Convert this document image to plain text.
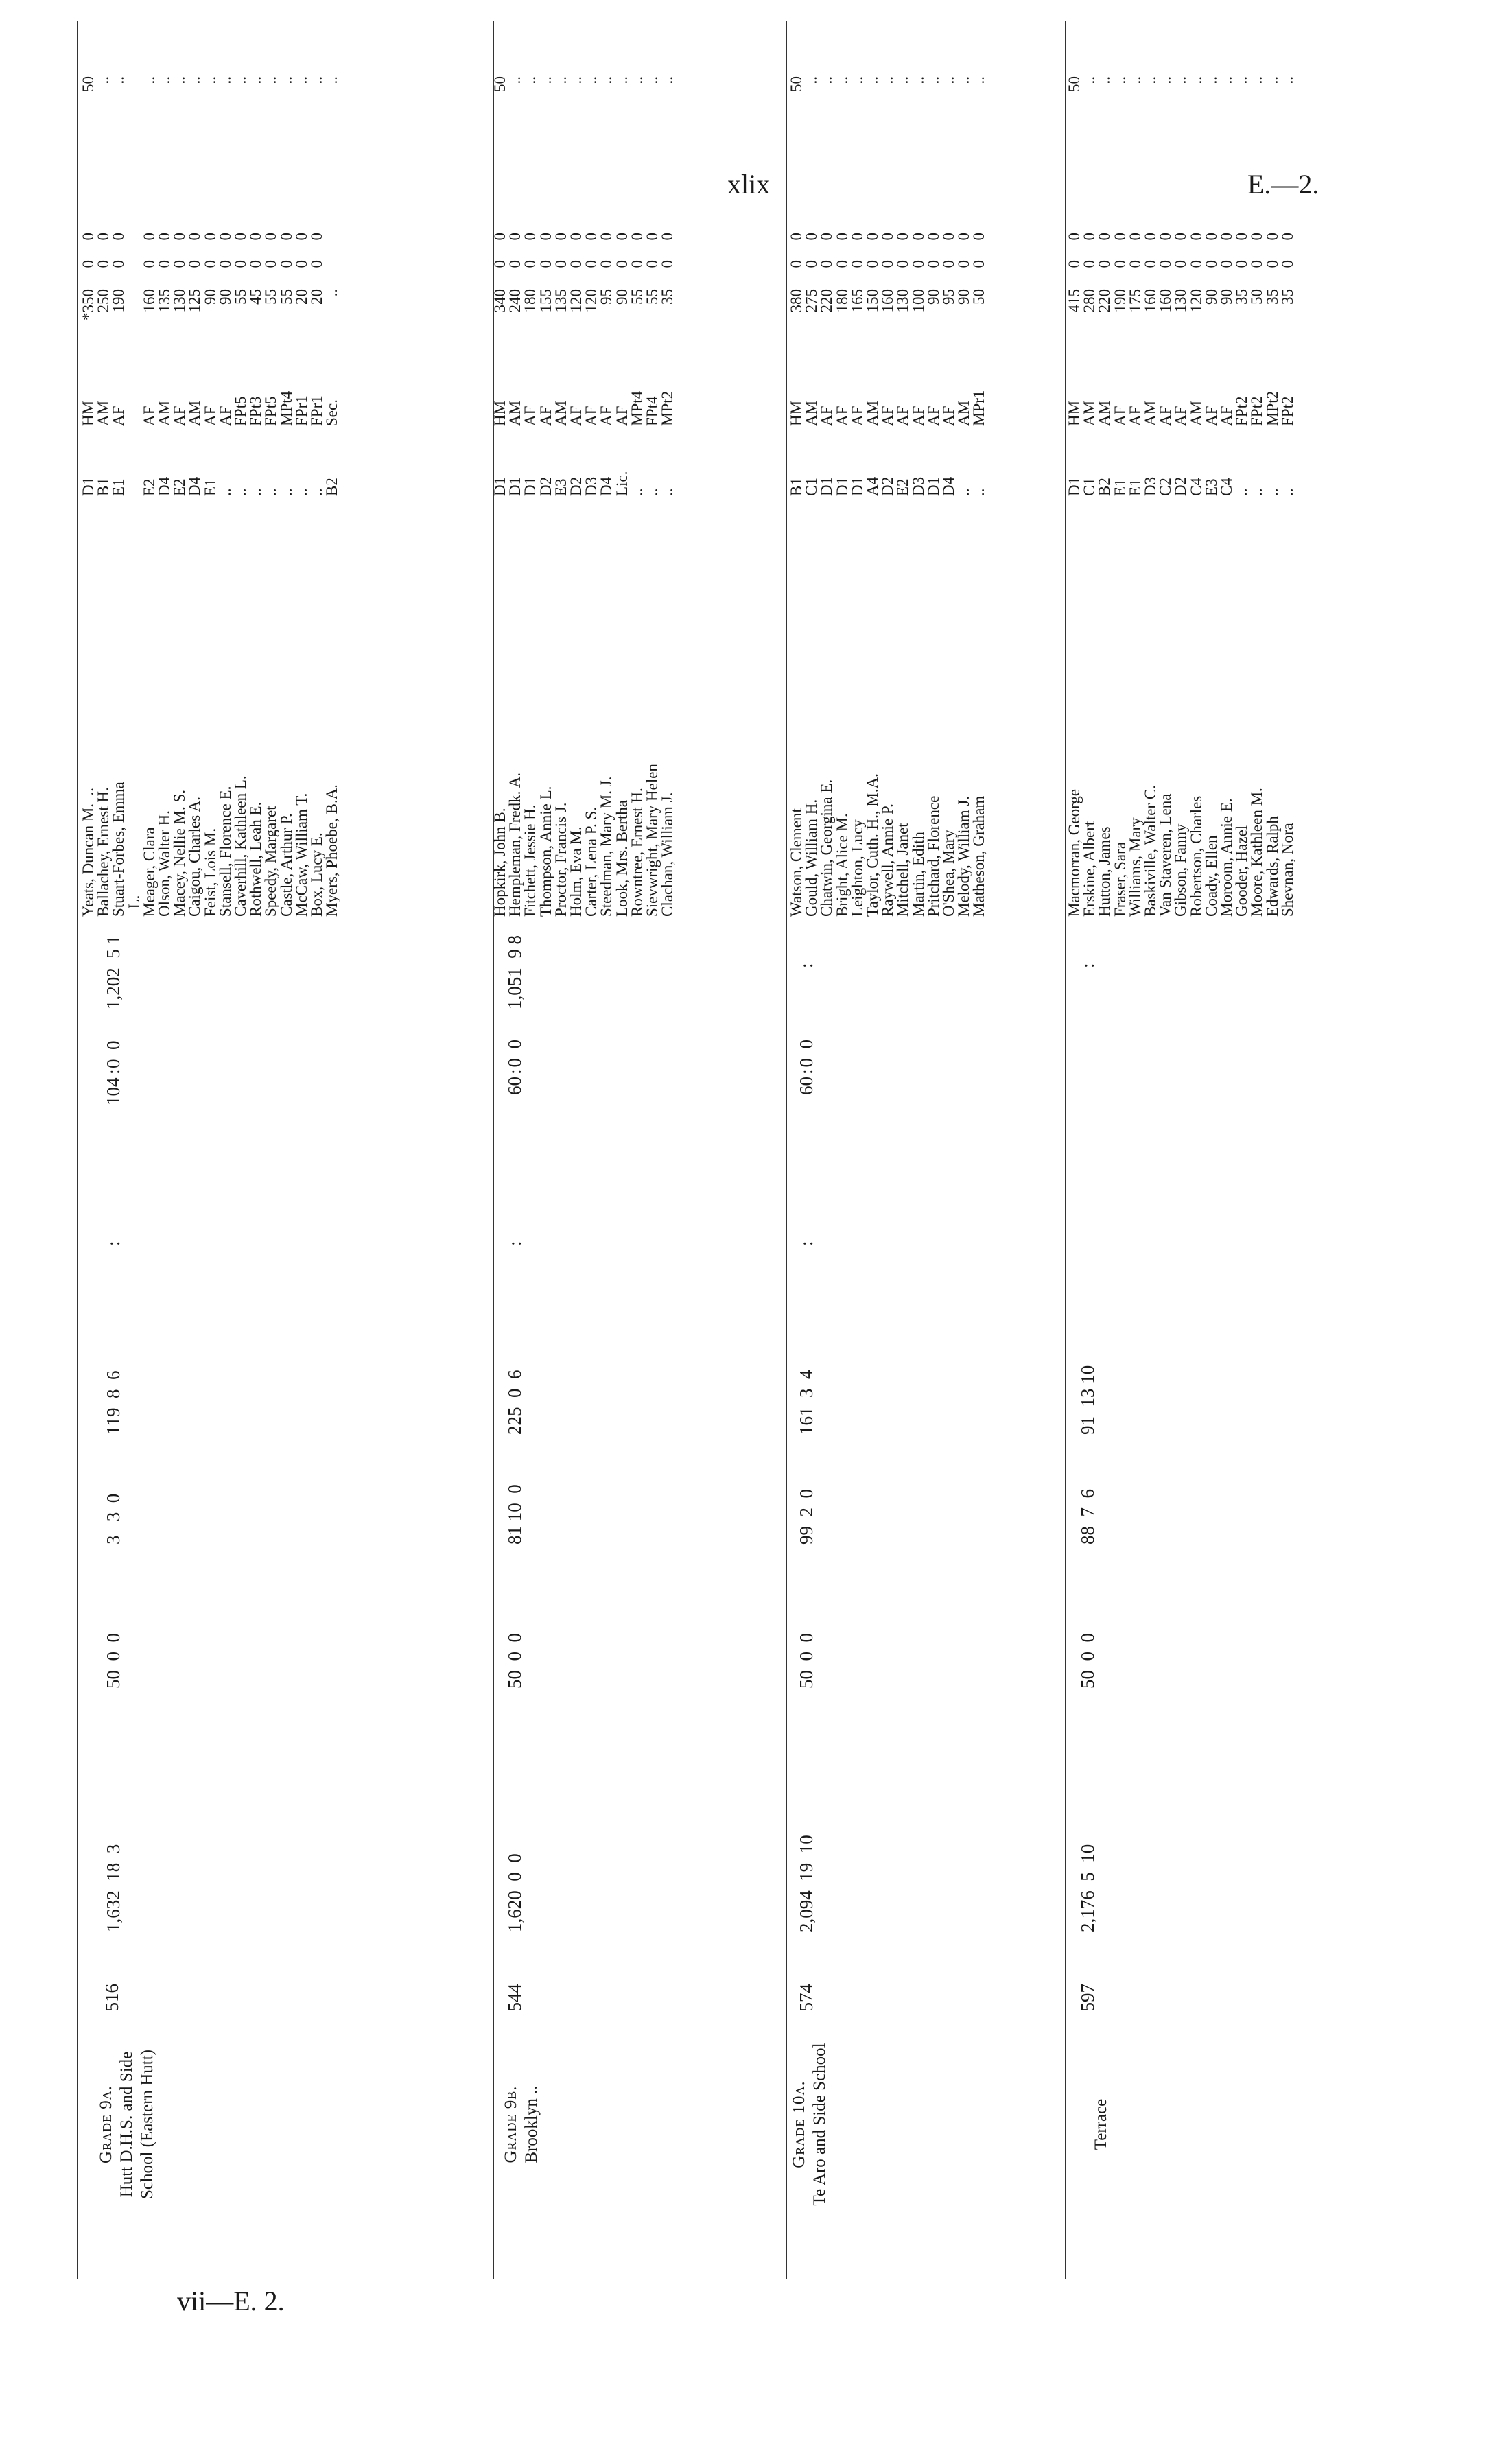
xlix	E.—2.
vii—E. 2.
Grade 9a.
Hutt D.H.S. and Side
School (Eastern Hutt)
516
1,632  18  3
50  0  0
3   3  0
119  8  6
:
:
104  0  0
1,202  5 1
Yeats, Duncan M.  ..
Ballachey, Ernest H.
Stuart-Forbes, Emma
L.
Meager, Clara
Olson, Walter H.
Macey, Nellie M. S.
Caigou, Charles A.
Feist, Lois M.
Stansell, Florence E.
Caverhill, Kathleen L.
Rothwell, Leah E.
Speedy, Margaret
Castle, Arthur P.
McCaw, William T.
Box, Lucy E.
Myers, Phoebe, B.A.
D1
B1
E1

E2
D4
E2
D4
E1
..
..
..
..
..
..
..
B2
HM
AM
AF

AF
AM
AF
AM
AF
AF
FPt5
FPt3
FPt5
MPt4
FPr1
FPr1
Sec.
*350
250
190

160
135
130
125
90
90
55
45
55
55
20
20
..
50
..
..

..
..
..
..
..
..
..
..
..
..
..
..
..
0
0
0

0
0
0
0
0
0
0
0
0
0
0
0

0
0
0

0
0
0
0
0
0
0
0
0
0
0
0

Grade 9b. Brooklyn ..
544
1,620  0  0
50  0  0
81 10  0
225  0  6
:
:
60  0  0
1,051  9 8
Hopkirk, John B.
Hempleman, Fredk. A.
Fitchett, Jessie H.
Thompson, Annie L.
Proctor, Francis J.
Holm, Eva M.
Carter, Lena P. S.
Steedman, Mary M. J.
Look, Mrs. Bertha
Rowntree, Ernest H.
Sievwright, Mary Helen
Clachan, William J.
D1
D1
D1
D2
E3
D2
D3
D4
Lic.
..
..
..
HM
AM
AF
AF
AM
AF
AF
AF
AF
MPt4
FPt4
MPt2
340
240
180
155
135
120
120
95
90
55
55
35
50
..
..
..
..
..
..
..
..
..
..
..
0
0
0
0
0
0
0
0
0
0
0
0
0
0
0
0
0
0
0
0
0
0
0
0
Grade 10a. Te Aro and Side School
574
2,094  19  10
50  0  0
99  2  0
161  3  4
:
:
60  0  0
:
Watson, Clement
Gould, William H.
Chatwin, Georgina E.
Bright, Alice M.
Leighton, Lucy
Taylor, Cuth. H., M.A.
Raywell, Annie P.
Mitchell, Janet
Martin, Edith
Pritchard, Florence
O'Shea, Mary
Melody, William J.
Matheson, Graham
B1
C1
D1
D1
D1
A4
D2
E2
D3
D1
D4
..
..
HM
AM
AF
AF
AF
AM
AF
AF
AF
AF
AF
AM
MPr1
380
275
220
180
165
150
160
130
100
90
95
90
50
50
..
..
..
..
..
..
..
..
..
..
..
..
0
0
0
0
0
0
0
0
0
0
0
0
0
0
0
0
0
0
0
0
0
0
0
0
0
0
Terrace
597
2,176  5  10
50  0  0
88  7  6
91  13 10
:
Macmorran, George
Erskine, Albert
Hutton, James
Fraser, Sara
Williams, Mary
Baskiville, Walter C.
Van Staveren, Lena
Gibson, Fanny
Robertson, Charles
Coady, Ellen
Moroom, Annie E.
Gooder, Hazel
Moore, Kathleen M.
Edwards, Ralph
Shevnan, Nora
D1
C1
B2
E1
E1
D3
C2
D2
C4
E3
C4
..
..
..
..
HM
AM
AM
AF
AF
AM
AF
AF
AM
AF
AF
FPt2
FPt2
MPt2
FPt2
415
280
220
190
175
160
160
130
120
90
90
35
50
35
35
50
..
..
..
..
..
..
..
..
..
..
..
..
..
..
0
0
0
0
0
0
0
0
0
0
0
0
0
0
0
0
0
0
0
0
0
0
0
0
0
0
0
0
0
0
